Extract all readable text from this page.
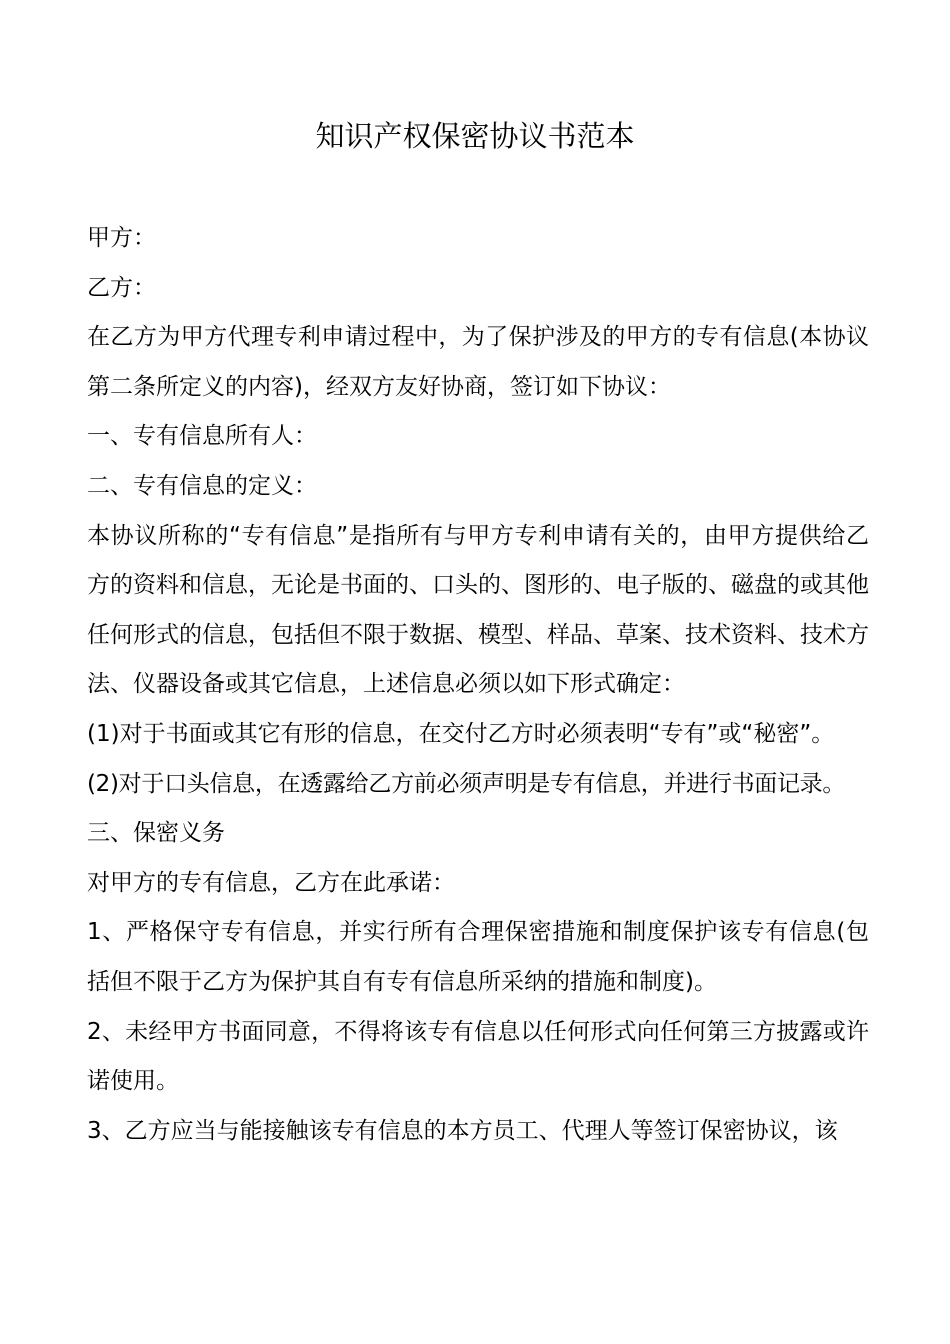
知识产权保密协议书范本

甲方：

乙方：

在乙方为甲方代理专利申请过程中，为了保护涉及的甲方的专有信息(本协议第二条所定义的内容)，经双方友好协商，签订如下协议：

一、专有信息所有人：

二、专有信息的定义：

本协议所称的“专有信息”是指所有与甲方专利申请有关的，由甲方提供给乙方的资料和信息，无论是书面的、口头的、图形的、电子版的、磁盘的或其他任何形式的信息，包括但不限于数据、模型、样品、草案、技术资料、技术方法、仪器设备或其它信息，上述信息必须以如下形式确定：

(1)对于书面或其它有形的信息，在交付乙方时必须表明“专有”或“秘密”。

(2)对于口头信息，在透露给乙方前必须声明是专有信息，并进行书面记录。

三、保密义务

对甲方的专有信息，乙方在此承诺：

1、严格保守专有信息，并实行所有合理保密措施和制度保护该专有信息(包括但不限于乙方为保护其自有专有信息所采纳的措施和制度)。

2、未经甲方书面同意，不得将该专有信息以任何形式向任何第三方披露或许诺使用。

3、乙方应当与能接触该专有信息的本方员工、代理人等签订保密协议，该
